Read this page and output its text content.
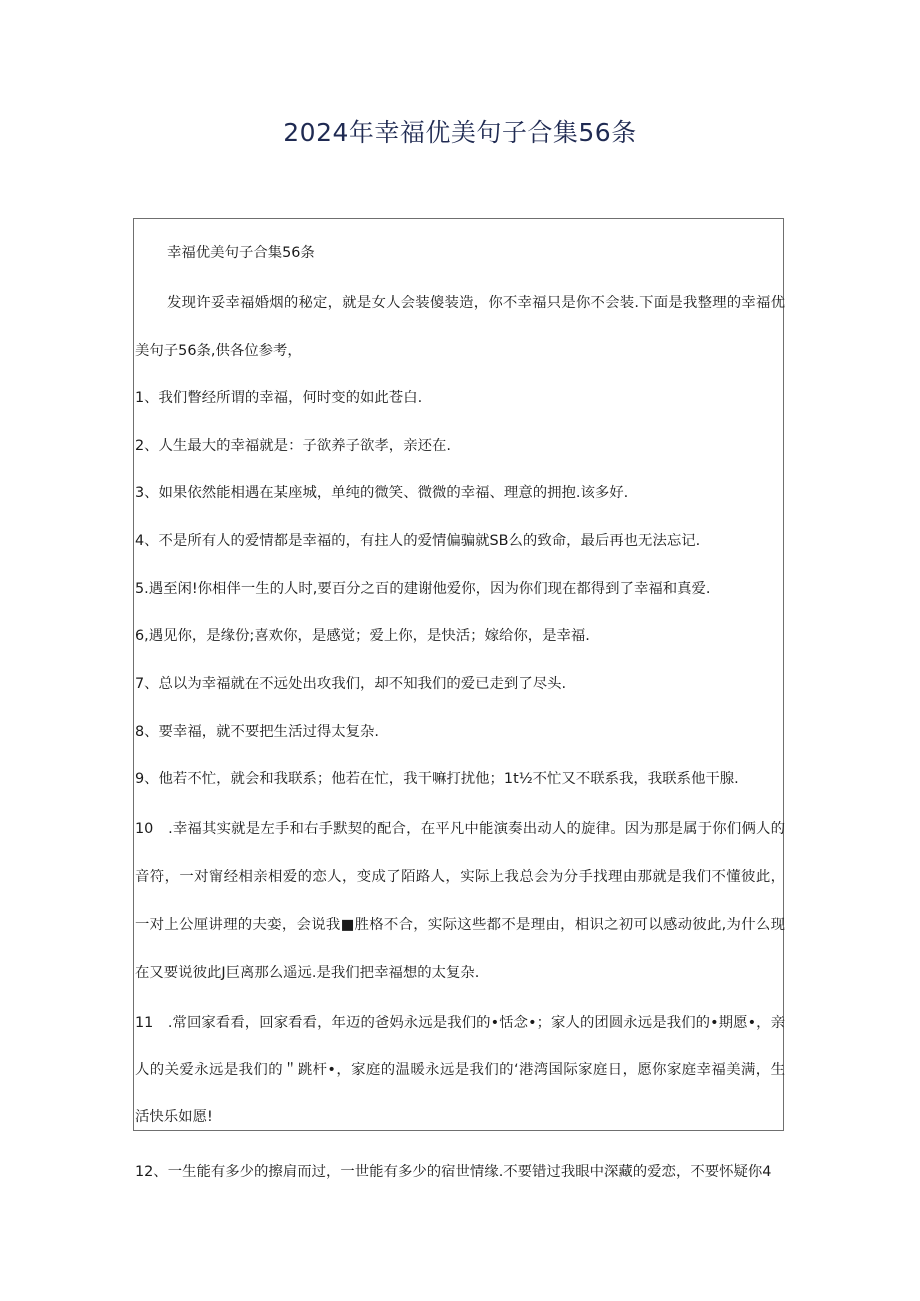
2024年幸福优美句子合集56条
幸福优美句子合集56条
发现许妥幸福婚烟的秘定，就是女人会装傻装造，你不幸福只是你不会装.下面是我整理的幸福优
美句子56条,供各位参考，
1、我们瞥经所谓的幸福，何时变的如此苍白.
2、人生最大的幸福就是：子欲养子欲孝，亲还在.
3、如果依然能相遇在某座城，单纯的微笑、微微的幸福、理意的拥抱.该多好.
4、不是所有人的爱情都是幸福的，有拄人的爱情偏骗就SB么的致命，最后再也无法忘记.
5.遇至闲!你相伴一生的人时,要百分之百的建谢他爱你，因为你们现在都得到了幸福和真爱.
6,遇见你，是缘份;喜欢你，是感觉；爱上你，是快活；嫁给你，是幸福.
7、总以为幸福就在不远处出攻我们，却不知我们的爱已走到了尽头.
8、要幸福，就不要把生活过得太复杂.
9、他若不忙，就会和我联系；他若在忙，我干嘛打扰他；1t½不忙又不联系我，我联系他干腺.
10　.幸福其实就是左手和右手默契的配合，在平凡中能演奏出动人的旋律。因为那是属于你们俩人的
音符，一对甯经相亲相爱的恋人，变成了陌路人，实际上我总会为分手找理由那就是我们不懂彼此，
一对上公厘讲理的夫娈，会说我■胜格不合，实际这些都不是理由，相识之初可以感动彼此,为什么现
在又要说彼此J巨离那么遥远.是我们把幸福想的太复杂.
11　.常回家看看，回家看看，年迈的爸妈永远是我们的•恬念•；家人的团圆永远是我们的•期愿•，亲
人的关爱永远是我们的＂跳杆•，家庭的温暖永远是我们的‘港湾国际家庭日，愿你家庭幸福美满，生
活快乐如愿!
12、一生能有多少的擦肩而过，一世能有多少的宿世情缘.不要错过我眼中深藏的爱恋，不要怀疑你4
